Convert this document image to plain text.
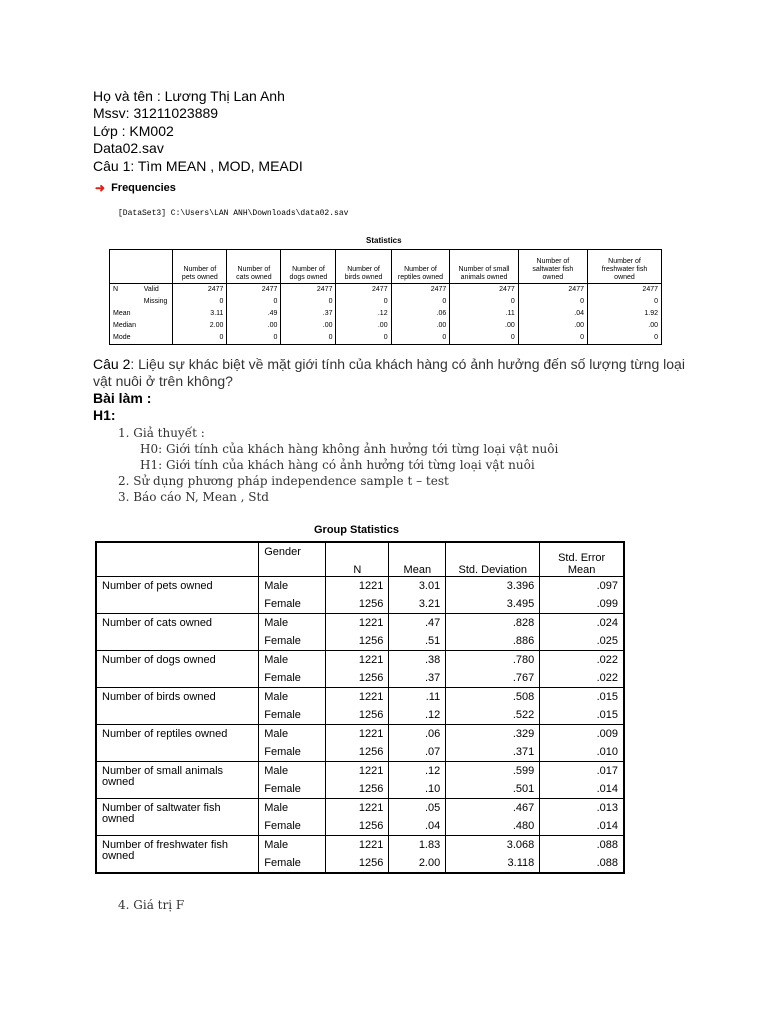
Họ và tên : Lương Thị Lan Anh
Mssv: 31211023889
Lớp : KM002
Data02.sav
Câu 1: Tìm MEAN , MOD, MEADI
➜ Frequencies
[DataSet3] C:\Users\LAN ANH\Downloads\data02.sav
Statistics
		Number of pets owned	Number of cats owned	Number of dogs owned	Number of birds owned	Number of reptiles owned	Number of small animals owned	Number of saltwater fish owned	Number of freshwater fish owned
N	Valid	2477	2477	2477	2477	2477	2477	2477	2477
	Missing	0	0	0	0	0	0	0	0
Mean		3.11	.49	.37	.12	.06	.11	.04	1.92
Median		2.00	.00	.00	.00	.00	.00	.00	.00
Mode		0	0	0	0	0	0	0	0
Câu 2: Liệu sự khác biệt về mặt giới tính của khách hàng có ảnh hưởng đến số lượng từng loại vật nuôi ở trên không?
Bài làm :
H1:
1. Giả thuyết :
H0: Giới tính của khách hàng không ảnh hưởng tới từng loại vật nuôi
H1: Giới tính của khách hàng có ảnh hưởng tới từng loại vật nuôi
2. Sử dụng phương pháp independence sample t – test
3. Báo cáo N, Mean , Std
Group Statistics
	Gender	N	Mean	Std. Deviation	Std. Error Mean
Number of pets owned	Male	1221	3.01	3.396	.097
	Female	1256	3.21	3.495	.099
Number of cats owned	Male	1221	.47	.828	.024
	Female	1256	.51	.886	.025
Number of dogs owned	Male	1221	.38	.780	.022
	Female	1256	.37	.767	.022
Number of birds owned	Male	1221	.11	.508	.015
	Female	1256	.12	.522	.015
Number of reptiles owned	Male	1221	.06	.329	.009
	Female	1256	.07	.371	.010
Number of small animals owned	Male	1221	.12	.599	.017
	Female	1256	.10	.501	.014
Number of saltwater fish owned	Male	1221	.05	.467	.013
	Female	1256	.04	.480	.014
Number of freshwater fish owned	Male	1221	1.83	3.068	.088
	Female	1256	2.00	3.118	.088
4. Giá trị F
